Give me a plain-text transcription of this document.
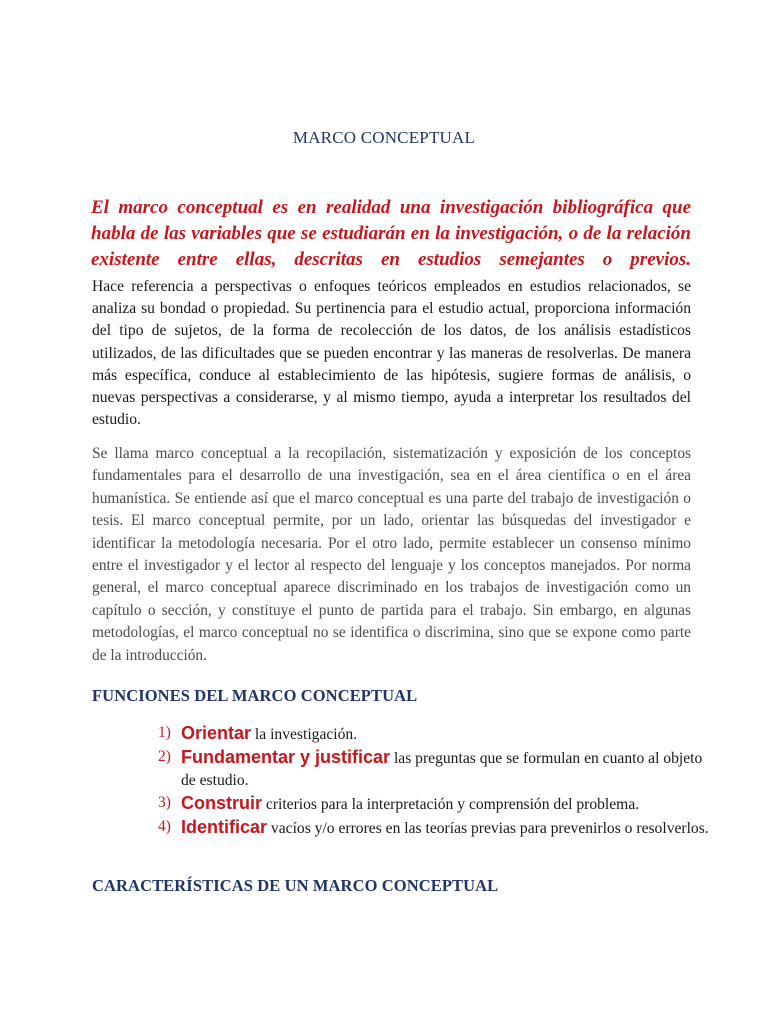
MARCO CONCEPTUAL

El marco conceptual es en realidad una investigación bibliográfica que habla de las variables que se estudiarán en la investigación, o de la relación existente entre ellas, descritas en estudios semejantes o previos.

Hace referencia a perspectivas o enfoques teóricos empleados en estudios relacionados, se analiza su bondad o propiedad. Su pertinencia para el estudio actual, proporciona información del tipo de sujetos, de la forma de recolección de los datos, de los análisis estadísticos utilizados, de las dificultades que se pueden encontrar y las maneras de resolverlas. De manera más específica, conduce al establecimiento de las hipótesis, sugiere formas de análisis, o nuevas perspectivas a considerarse, y al mismo tiempo, ayuda a interpretar los resultados del estudio.

Se llama marco conceptual a la recopilación, sistematización y exposición de los conceptos fundamentales para el desarrollo de una investigación, sea en el área científica o en el área humanística. Se entiende así que el marco conceptual es una parte del trabajo de investigación o tesis. El marco conceptual permite, por un lado, orientar las búsquedas del investigador e identificar la metodología necesaria. Por el otro lado, permite establecer un consenso mínimo entre el investigador y el lector al respecto del lenguaje y los conceptos manejados. Por norma general, el marco conceptual aparece discriminado en los trabajos de investigación como un capítulo o sección, y constituye el punto de partida para el trabajo. Sin embargo, en algunas metodologías, el marco conceptual no se identifica o discrimina, sino que se expone como parte de la introducción.

FUNCIONES DEL MARCO CONCEPTUAL
1) Orientar la investigación.
2) Fundamentar y justificar las preguntas que se formulan en cuanto al objeto de estudio.
3) Construir criterios para la interpretación y comprensión del problema.
4) Identificar vacíos y/o errores en las teorías previas para prevenirlos o resolverlos.
CARACTERÍSTICAS DE UN MARCO CONCEPTUAL
